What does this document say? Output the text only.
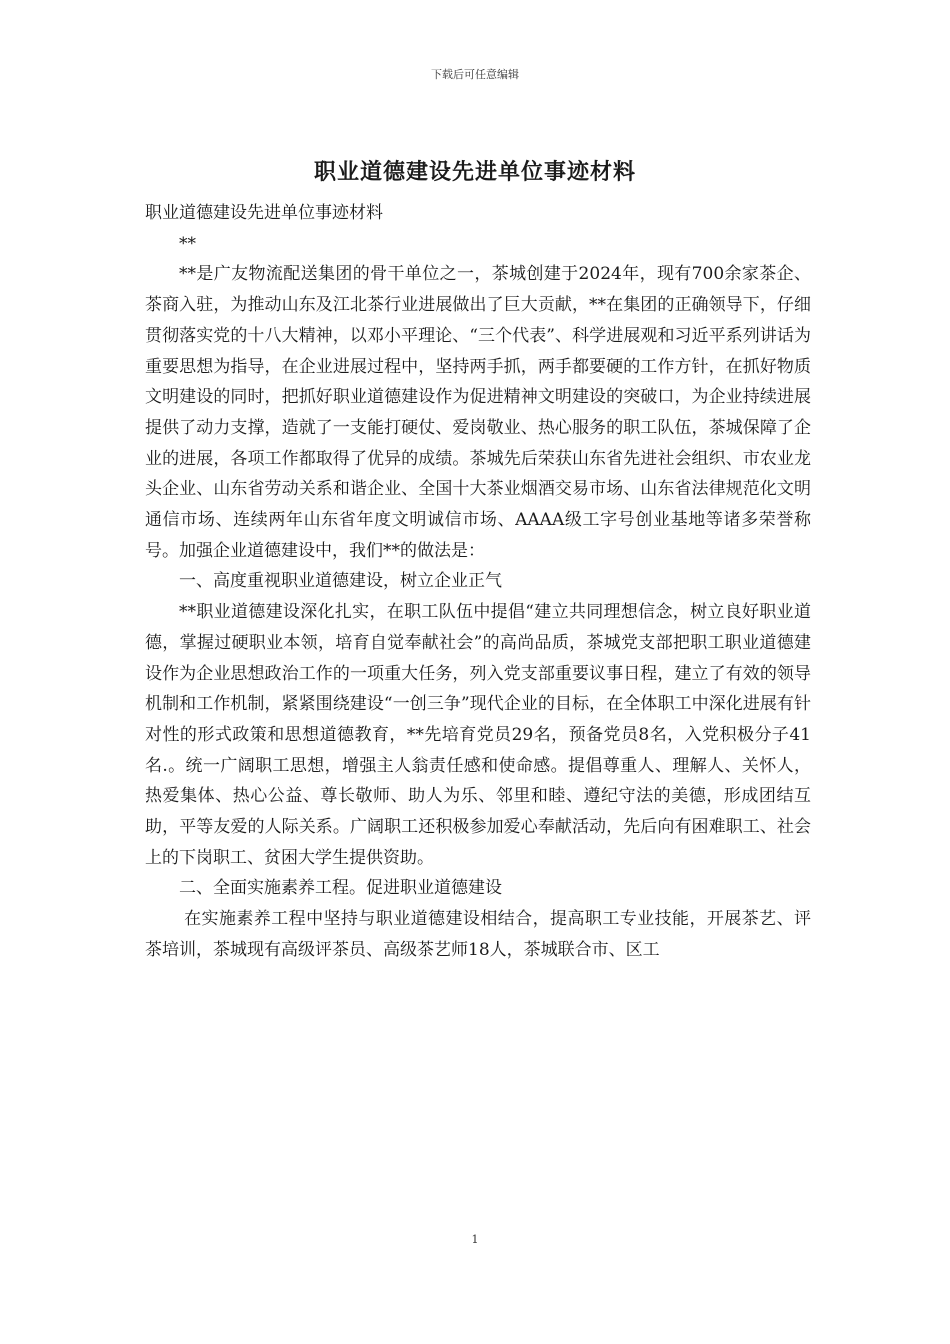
下载后可任意编辑
职业道德建设先进单位事迹材料

职业道德建设先进单位事迹材料

**

**是广友物流配送集团的骨干单位之一，茶城创建于2024年，现有700余家茶企、茶商入驻，为推动山东及江北茶行业进展做出了巨大贡献，**在集团的正确领导下，仔细贯彻落实党的十八大精神，以邓小平理论、“三个代表”、科学进展观和习近平系列讲话为重要思想为指导，在企业进展过程中，坚持两手抓，两手都要硬的工作方针，在抓好物质文明建设的同时，把抓好职业道德建设作为促进精神文明建设的突破口，为企业持续进展提供了动力支撑，造就了一支能打硬仗、爱岗敬业、热心服务的职工队伍，茶城保障了企业的进展，各项工作都取得了优异的成绩。茶城先后荣获山东省先进社会组织、市农业龙头企业、山东省劳动关系和谐企业、全国十大茶业烟酒交易市场、山东省法律规范化文明通信市场、连续两年山东省年度文明诚信市场、AAAA级工字号创业基地等诸多荣誉称号。加强企业道德建设中，我们**的做法是：

一、高度重视职业道德建设，树立企业正气

**职业道德建设深化扎实，在职工队伍中提倡“建立共同理想信念，树立良好职业道德，掌握过硬职业本领，培育自觉奉献社会”的高尚品质，茶城党支部把职工职业道德建设作为企业思想政治工作的一项重大任务，列入党支部重要议事日程，建立了有效的领导机制和工作机制，紧紧围绕建设“一创三争”现代企业的目标，在全体职工中深化进展有针对性的形式政策和思想道德教育，**先培育党员29名，预备党员8名，入党积极分子41名.。统一广阔职工思想，增强主人翁责任感和使命感。提倡尊重人、理解人、关怀人，热爱集体、热心公益、尊长敬师、助人为乐、邻里和睦、遵纪守法的美德，形成团结互助，平等友爱的人际关系。广阔职工还积极参加爱心奉献活动，先后向有困难职工、社会上的下岗职工、贫困大学生提供资助。

二、全面实施素养工程。促进职业道德建设

在实施素养工程中坚持与职业道德建设相结合，提高职工专业技能，开展茶艺、评茶培训，茶城现有高级评茶员、高级茶艺师18人，茶城联合市、区工

1
